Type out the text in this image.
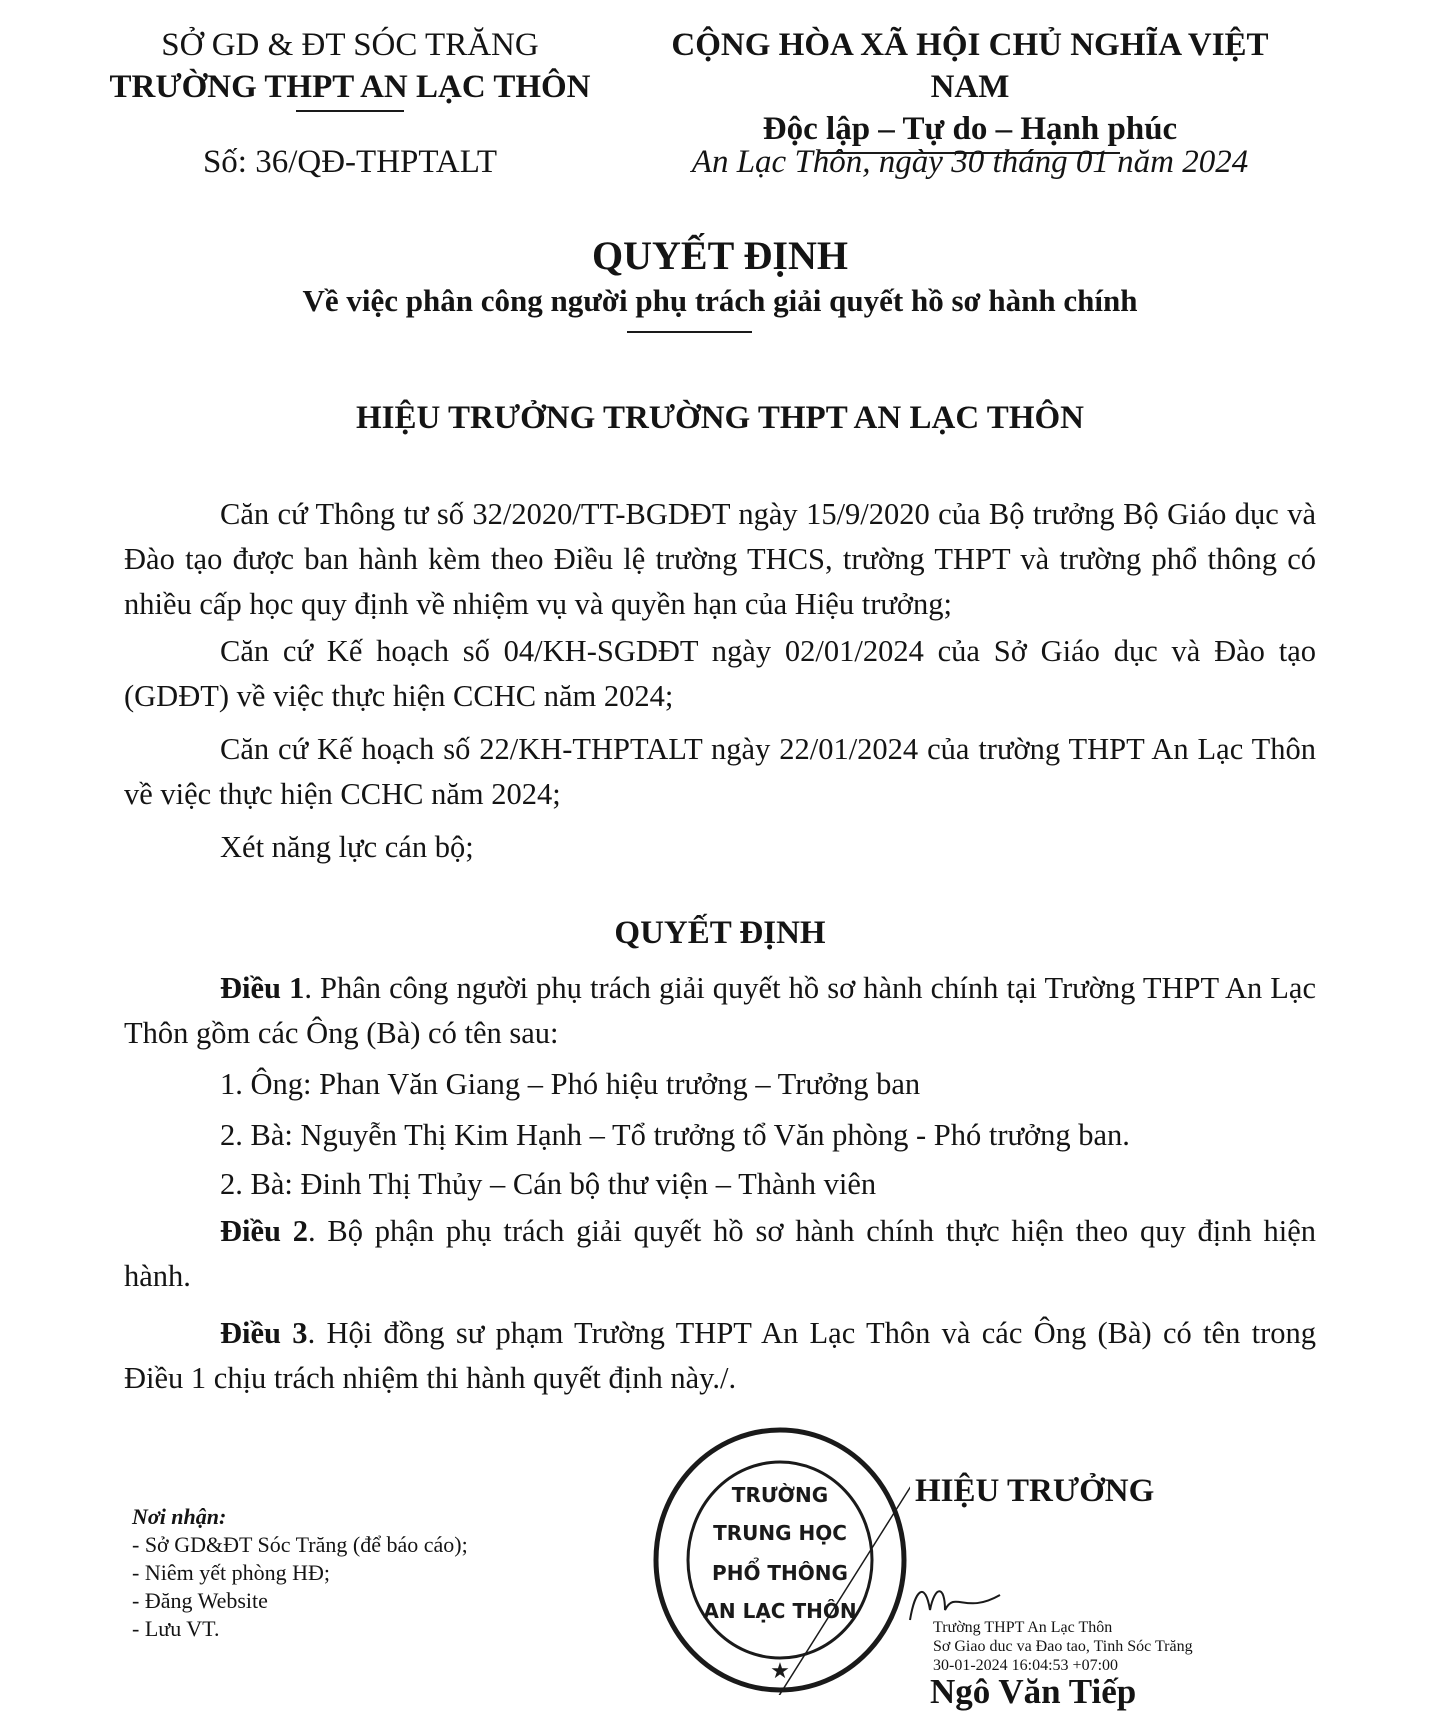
SỞ GD & ĐT SÓC TRĂNG
TRƯỜNG THPT AN LẠC THÔN
CỘNG HÒA XÃ HỘI CHỦ NGHĨA VIỆT NAM
Độc lập – Tự do – Hạnh phúc
Số: 36/QĐ-THPTALT	An Lạc Thôn, ngày 30 tháng 01 năm 2024
QUYẾT ĐỊNH
Về việc phân công người phụ trách giải quyết hồ sơ hành chính
HIỆU TRƯỞNG TRƯỜNG THPT AN LẠC THÔN

Căn cứ Thông tư số 32/2020/TT-BGDĐT ngày 15/9/2020 của Bộ trưởng Bộ Giáo dục và Đào tạo được ban hành kèm theo Điều lệ trường THCS, trường THPT và trường phổ thông có nhiều cấp học quy định về nhiệm vụ và quyền hạn của Hiệu trưởng;

Căn cứ Kế hoạch số 04/KH-SGDĐT ngày 02/01/2024 của Sở Giáo dục và Đào tạo (GDĐT) về việc thực hiện CCHC năm 2024;

Căn cứ Kế hoạch số 22/KH-THPTALT ngày 22/01/2024 của trường THPT An Lạc Thôn về việc thực hiện CCHC năm 2024;

Xét năng lực cán bộ;

QUYẾT ĐỊNH

Điều 1. Phân công người phụ trách giải quyết hồ sơ hành chính tại Trường THPT An Lạc Thôn gồm các Ông (Bà) có tên sau:

1. Ông: Phan Văn Giang – Phó hiệu trưởng – Trưởng ban

2. Bà: Nguyễn Thị Kim Hạnh – Tổ trưởng tổ Văn phòng - Phó trưởng ban.

2. Bà: Đinh Thị Thủy – Cán bộ thư viện – Thành viên

Điều 2. Bộ phận phụ trách giải quyết hồ sơ hành chính thực hiện theo quy định hiện hành.

Điều 3. Hội đồng sư phạm Trường THPT An Lạc Thôn và các Ông (Bà) có tên trong Điều 1 chịu trách nhiệm thi hành quyết định này./.

Nơi nhận:
- Sở GD&ĐT Sóc Trăng (để báo cáo);
- Niêm yết phòng HĐ;
- Đăng Website
- Lưu VT.
TRƯỜNG
TRUNG HỌC
PHỔ THÔNG
AN LẠC THÔN
★
HIỆU TRƯỞNG
Trường THPT An Lạc Thôn
Sơ Giao duc va Đao tao, Tinh Sóc Trăng
30-01-2024 16:04:53 +07:00
Ngô Văn Tiếp
